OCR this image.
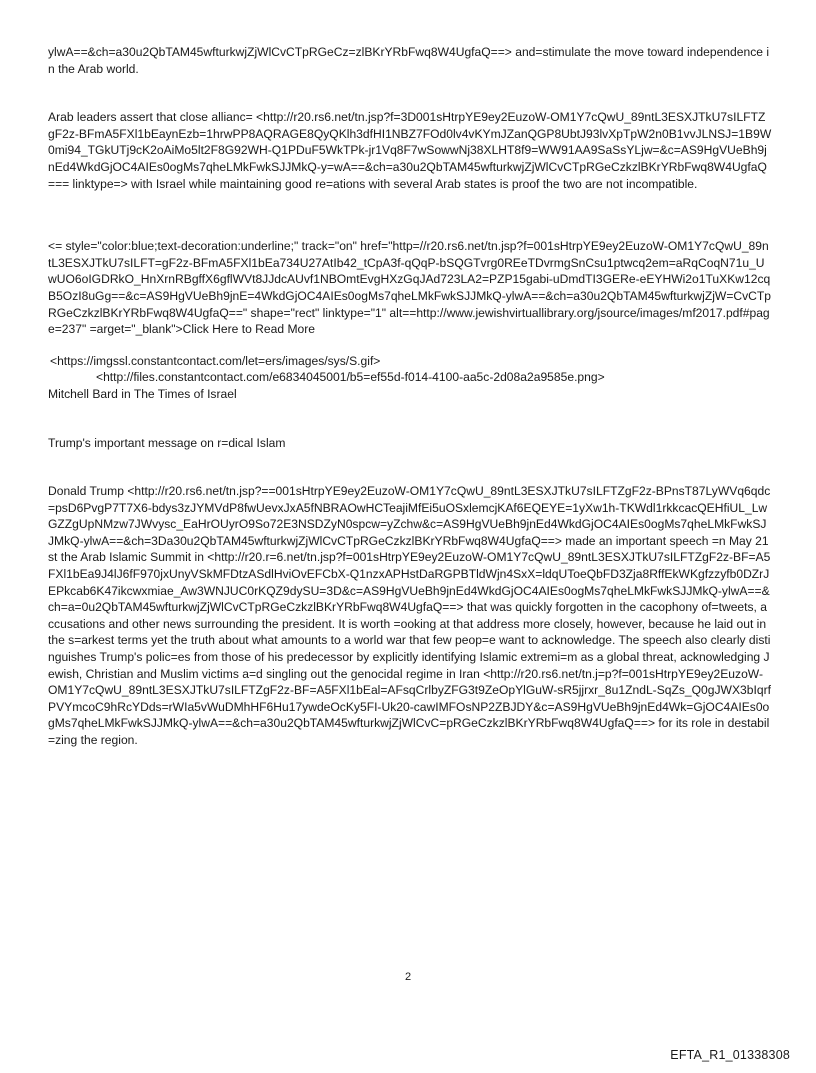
ylwA==&ch=a30u2QbTAM45wfturkwjZjWlCvCTpRGeCz=zlBKrYRbFwq8W4UgfaQ==> and=stimulate the move toward independence in the Arab world.

Arab leaders assert that close allianc= <http://r20.rs6.net/tn.jsp?f=3D001sHtrpYE9ey2EuzoW-OM1Y7cQwU_89ntL3ESXJTkU7sILFTZgF2z-BFmA5FXl1bEaynEzb=1hrwPP8AQRAGE8QyQKlh3dfHI1NBZ7FOd0lv4vKYmJZanQGP8UbtJ93lvXpTpW2n0B1vvJLNSJ=1B9W0mi94_TGkUTj9cK2oAiMo5lt2F8G92WH-Q1PDuF5WkTPk-jr1Vq8F7wSowwNj38XLHT8f9=WW91AA9SaSsYLjw=&c=AS9HgVUeBh9jnEd4WkdGjOC4AIEs0ogMs7qheLMkFwkSJJMkQ-y=wA==&ch=a30u2QbTAM45wfturkwjZjWlCvCTpRGeCzkzlBKrYRbFwq8W4UgfaQ=== linktype=> with Israel while maintaining good re=ations with several Arab states is proof the two are not incompatible.

<= style="color:blue;text-decoration:underline;" track="on" href="http=//r20.rs6.net/tn.jsp?f=001sHtrpYE9ey2EuzoW-OM1Y7cQwU_89ntL3ESXJTkU7sILFT=gF2z-BFmA5FXl1bEa734U27AtIb42_tCpA3f-qQqP-bSQGTvrg0REeTDvrmgSnCsu1ptwcq2em=aRqCoqN71u_UwUO6oIGDRkO_HnXrnRBgffX6gflWVt8JJdcAUvf1NBOmtEvgHXzGqJAd723LA2=PZP15gabi-uDmdTI3GERe-eEYHWi2o1TuXKw12cqB5OzI8uGg==&c=AS9HgVUeBh9jnE=4WkdGjOC4AIEs0ogMs7qheLMkFwkSJJMkQ-ylwA==&ch=a30u2QbTAM45wfturkwjZjW=CvCTpRGeCzkzlBKrYRbFwq8W4UgfaQ==" shape="rect" linktype="1" alt==http://www.jewishvirtuallibrary.org/jsource/images/mf2017.pdf#page=237" =arget="_blank">Click Here to Read More

<https://imgssl.constantcontact.com/let=ers/images/sys/S.gif>

<http://files.constantcontact.com/e6834045001/b5=ef55d-f014-4100-aa5c-2d08a2a9585e.png>

Mitchell Bard in The Times of Israel

Trump's important message on r=dical Islam

Donald Trump <http://r20.rs6.net/tn.jsp?==001sHtrpYE9ey2EuzoW-OM1Y7cQwU_89ntL3ESXJTkU7sILFTZgF2z-BPnsT87LyWVq6qdc=psD6PvgP7T7X6-bdys3zJYMVdP8fwUevxJxA5fNBRAOwHCTeajiMfEi5uOSxlemcjKAf6EQEYE=1yXw1h-TKWdl1rkkcacQEHfiUL_LwGZZgUpNMzw7JWvysc_EaHrOUyrO9So72E3NSDZyN0spcw=yZchw&c=AS9HgVUeBh9jnEd4WkdGjOC4AIEs0ogMs7qheLMkFwkSJJMkQ-ylwA==&ch=3Da30u2QbTAM45wfturkwjZjWlCvCTpRGeCzkzlBKrYRbFwq8W4UgfaQ==> made an important speech =n May 21st the Arab Islamic Summit in <http://r20.r=6.net/tn.jsp?f=001sHtrpYE9ey2EuzoW-OM1Y7cQwU_89ntL3ESXJTkU7sILFTZgF2z-BF=A5FXl1bEa9J4lJ6fF970jxUnyVSkMFDtzASdlHviOvEFCbX-Q1nzxAPHstDaRGPBTldWjn4SxX=ldqUToeQbFD3Zja8RffEkWKgfzzyfb0DZrJEPkcab6K47ikcwxmiae_Aw3WNJUC0rKQZ9dySU=3D&c=AS9HgVUeBh9jnEd4WkdGjOC4AIEs0ogMs7qheLMkFwkSJJMkQ-ylwA==&ch=a=0u2QbTAM45wfturkwjZjWlCvCTpRGeCzkzlBKrYRbFwq8W4UgfaQ==> that was quickly forgotten in the cacophony of=tweets, accusations and other news surrounding the president. It is worth =ooking at that address more closely, however, because he laid out in the s=arkest terms yet the truth about what amounts to a world war that few peop=e want to acknowledge. The speech also clearly distinguishes Trump's polic=es from those of his predecessor by explicitly identifying Islamic extremi=m as a global threat, acknowledging Jewish, Christian and Muslim victims a=d singling out the genocidal regime in Iran <http://r20.rs6.net/tn.j=p?f=001sHtrpYE9ey2EuzoW-OM1Y7cQwU_89ntL3ESXJTkU7sILFTZgF2z-BF=A5FXl1bEal=AFsqCrlbyZFG3t9ZeOpYlGuW-sR5jjrxr_8u1ZndL-SqZs_Q0gJWX3bIqrfPVYmcoC9hRcYDds=rWIa5vWuDMhHF6Hu17ywdeOcKy5FI-Uk20-cawIMFOsNP2ZBJDY&c=AS9HgVUeBh9jnEd4Wk=GjOC4AIEs0ogMs7qheLMkFwkSJJMkQ-ylwA==&ch=a30u2QbTAM45wfturkwjZjWlCvC=pRGeCzkzlBKrYRbFwq8W4UgfaQ==> for its role in destabil=zing the region.

2
EFTA_R1_01338308
